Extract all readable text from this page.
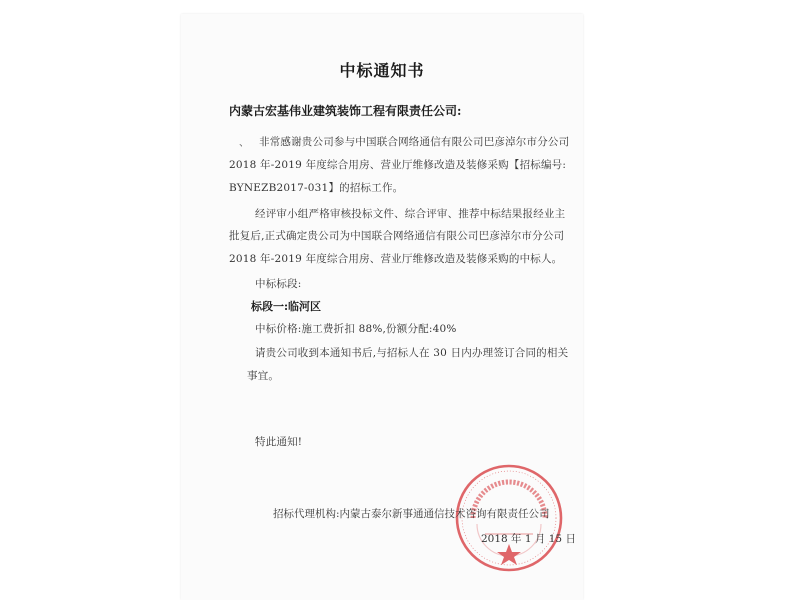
中标通知书
内蒙古宏基伟业建筑装饰工程有限责任公司:
、 非常感谢贵公司参与中国联合网络通信有限公司巴彦淖尔市分公司
2018 年-2019 年度综合用房、营业厅维修改造及装修采购【招标编号:
BYNEZB2017-031】的招标工作。
经评审小组严格审核投标文件、综合评审、推荐中标结果报经业主
批复后,正式确定贵公司为中国联合网络通信有限公司巴彦淖尔市分公司
2018 年-2019 年度综合用房、营业厅维修改造及装修采购的中标人。
中标标段:
标段一:临河区
中标价格:施工费折扣 88%,份额分配:40%
请贵公司收到本通知书后,与招标人在 30 日内办理签订合同的相关
事宜。
特此通知!
招标代理机构:内蒙古泰尔新事通通信技术咨询有限责任公司
2018 年 1 月 15 日
